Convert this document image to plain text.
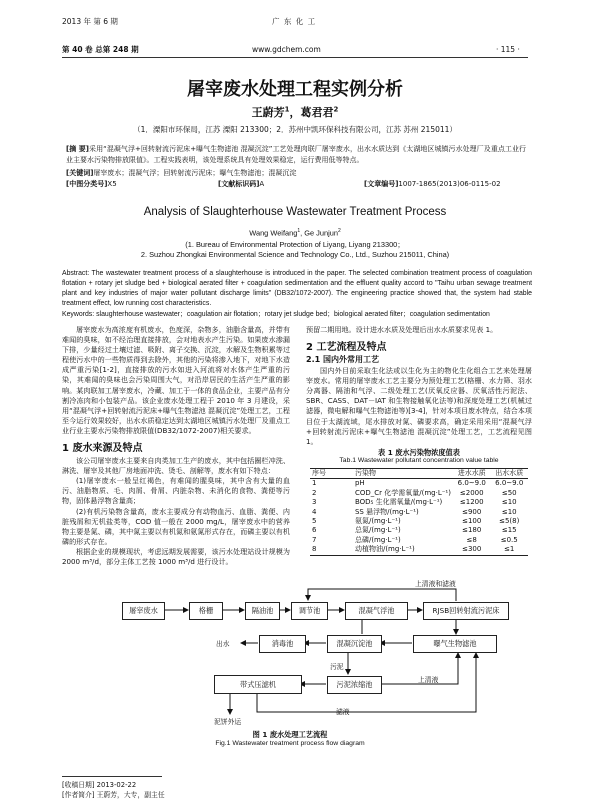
2013 年 第 6 期	广 东 化 工
第 40 卷 总第 248 期	www.gdchem.com	· 115 ·
屠宰废水处理工程实例分析
王蔚芳$^1$，葛君君$^2$
（1．溧阳市环保局，江苏 溧阳 213300；2．苏州中凯环保科技有限公司，江苏 苏州 215011）
[摘 要]采用“混凝气浮+回转射流污泥床+曝气生物滤池 混凝沉淀”工艺处理肉联厂屠宰废水，出水水质达到《太湖地区城镇污水处理厂及重点工业行业主要水污染物排放限值》。工程实践表明，该处理系统具有处理效果稳定，运行费用低等特点。
[关键词]屠宰废水；混凝气浮；回转射流污泥床；曝气生物滤池；混凝沉淀
[中图分类号]X5	[文献标识码]A	[文章编号]1007-1865(2013)06-0115-02
Analysis of Slaughterhouse Wastewater Treatment Process
Wang Weifang$^1$, Ge Junjun$^2$
(1. Bureau of Environmental Protection of Liyang, Liyang 213300；
2. Suzhou Zhongkai Environmental Science and Technology Co., Ltd., Suzhou 215011, China)
Abstract: The wastewater treatment process of a slaughterhouse is introduced in the paper. The selected combination treatment process of coagulation flotation + rotary jet sludge bed + biological aerated filter + coagulation sedimentation and the effluent quality accord to "Taihu urban sewage treatment plant and key industries of major water pollutant discharge limits" (DB32/1072-2007). The engineering practice showed that, the system had stable treatment effect, low running cost characteristics.
Keywords: slaughterhouse wastewater；coagulation air flotation；rotary jet sludge bed；biological aerated filter；coagulation sedimentation
屠宰废水为高浓度有机废水，色度深，杂物多，油脂含量高，并带有难闻的臭味，如不经治理直接排放，会对地表水产生污染。如果废水渗漏下排，少量经过土壤过滤、吸附、离子交换、沉淀，水解及生物积累等过程使污水中的一些物质得到去除外，其他的污染将渗入地下，对地下水造成严重污染[1-2]，直接排放的污水如进入河流将对水体产生严重的污染，其难闻的臭味也会污染周围大气，对沿岸居民的生活产生严重的影响。某肉联加工屠宰废水，冷藏、加工于一体的食品企业，主要产品有分割冷冻肉和小包装产品。该企业废水处理工程于 2010 年 3 月建设，采用“混凝气浮+回转射流污泥床+曝气生物滤池 混凝沉淀”处理工艺，工程至今运行效果较好，出水水质稳定达到太湖地区城镇污水处理厂及重点工业行业主要水污染物排放限值(DB32/1072-2007)相关要求。
1 废水来源及特点
该公司屠宰废水主要来自肉类加工生产的废水，其中包括圈栏冲洗、淋洗、屠宰及其他厂房地面冲洗、烫毛、剖解等，废水有如下特点：
(1)屠宰废水一般呈红褐色，有难闻的腥臭味，其中含有大量的血污、油脂物质、毛、肉屑、骨屑、内脏杂物、未消化的食物、粪便等污物，固体悬浮物含量高；
(2)有机污染物含量高，废水主要成分有动物血污、血脂、粪便、内脏残屑和无机盐类等，COD 值一般在 2000 mg/L，屠宰废水中的营养物主要是氮、磷，其中氮主要以有机氮和氨氮形式存在，而磷主要以有机磷的形式存在。
根据企业的规模现状，考虑远期发展需要，该污水处理站设计规模为 2000 m³/d，部分主体工艺按 1000 m³/d 进行设计。
预留二期用地。设计进水水质及处理后出水水质要求见表 1。
2 工艺流程及特点
2.1 国内外常用工艺
国内外目前采取生化法或以生化为主的物化生化组合工艺来处理屠宰废水。常用的屠宰废水工艺主要分为预处理工艺(格栅、水力筛、羽水分离器、隔油和气浮、二级处理工艺(厌氧反应器、厌氧活性污泥法、SBR、CASS、DAT－IAT 和生物接触氧化法等)和深度处理工艺(机械过滤器，微电解和曝气生物滤池等)[3-4]，针对本项目废水特点，结合本项目位于太湖流域，尾水排放对氮、磷要求高，确定采用采用“混凝气浮+回转射流污泥床+曝气生物滤池 混凝沉淀”处理工艺，工艺流程见图 1。
表 1 废水污染物浓度值表
Tab.1 Wastewater pollutant concentration value table
序号	污染物	进水水质	出水水质
1	pH	6.0~9.0	6.0~9.0
2	COD_Cr 化学需氧量/(mg·L⁻¹)	≤2000	≤50
3	BOD₅ 生化需氧量/(mg·L⁻¹)	≤1200	≤10
4	SS 悬浮物/(mg·L⁻¹)	≤900	≤10
5	氨氮/(mg·L⁻¹)	≤100	≤5(8)
6	总氮/(mg·L⁻¹)	≤180	≤15
7	总磷/(mg·L⁻¹)	≤8	≤0.5
8	动植物油/(mg·L⁻¹)	≤300	≤1
屠宰废水	格栅	隔油池	调节池	混凝气浮池	RJSB回转射流污泥床
消毒池	混凝沉淀池	曝气生物滤池
带式压滤机	污泥浓缩池
上清液和滤液
出水
污泥
上清液
滤液
泥饼外运
图 1 废水处理工艺流程
Fig.1 Wastewater treatment process flow diagram
[收稿日期] 2013-02-22
[作者简介] 王蔚芳，大专，副主任
